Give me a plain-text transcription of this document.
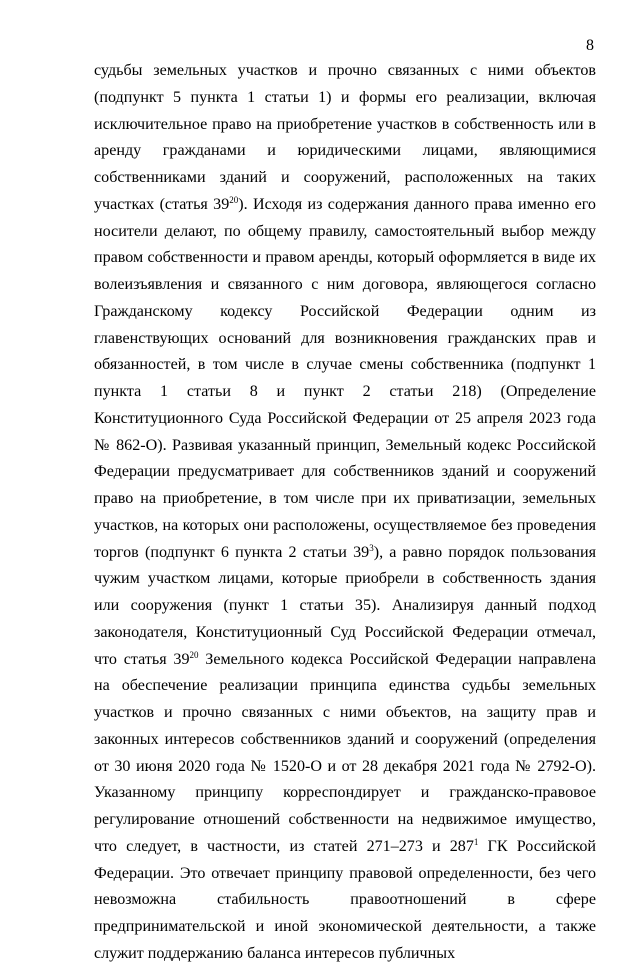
8

судьбы земельных участков и прочно связанных с ними объектов (подпункт 5 пункта 1 статьи 1) и формы его реализации, включая исключительное право на приобретение участков в собственность или в аренду гражданами и юридическими лицами, являющимися собственниками зданий и сооружений, расположенных на таких участках (статья $39^{20}$). Исходя из содержания данного права именно его носители делают, по общему правилу, самостоятельный выбор между правом собственности и правом аренды, который оформляется в виде их волеизъявления и связанного с ним договора, являющегося согласно Гражданскому кодексу Российской Федерации одним из главенствующих оснований для возникновения гражданских прав и обязанностей, в том числе в случае смены собственника (подпункт 1 пункта 1 статьи 8 и пункт 2 статьи 218) (Определение Конституционного Суда Российской Федерации от 25 апреля 2023 года № 862-О). Развивая указанный принцип, Земельный кодекс Российской Федерации предусматривает для собственников зданий и сооружений право на приобретение, в том числе при их приватизации, земельных участков, на которых они расположены, осуществляемое без проведения торгов (подпункт 6 пункта 2 статьи $39^3$), а равно порядок пользования чужим участком лицами, которые приобрели в собственность здания или сооружения (пункт 1 статьи 35). Анализируя данный подход законодателя, Конституционный Суд Российской Федерации отмечал, что статья $39^{20}$ Земельного кодекса Российской Федерации направлена на обеспечение реализации принципа единства судьбы земельных участков и прочно связанных с ними объектов, на защиту прав и законных интересов собственников зданий и сооружений (определения от 30 июня 2020 года № 1520-О и от 28 декабря 2021 года № 2792-О). Указанному принципу корреспондирует и гражданско-правовое регулирование отношений собственности на недвижимое имущество, что следует, в частности, из статей 271–273 и $287^1$ ГК Российской Федерации. Это отвечает принципу правовой определенности, без чего невозможна стабильность правоотношений в сфере предпринимательской и иной экономической деятельности, а также служит поддержанию баланса интересов публичных
